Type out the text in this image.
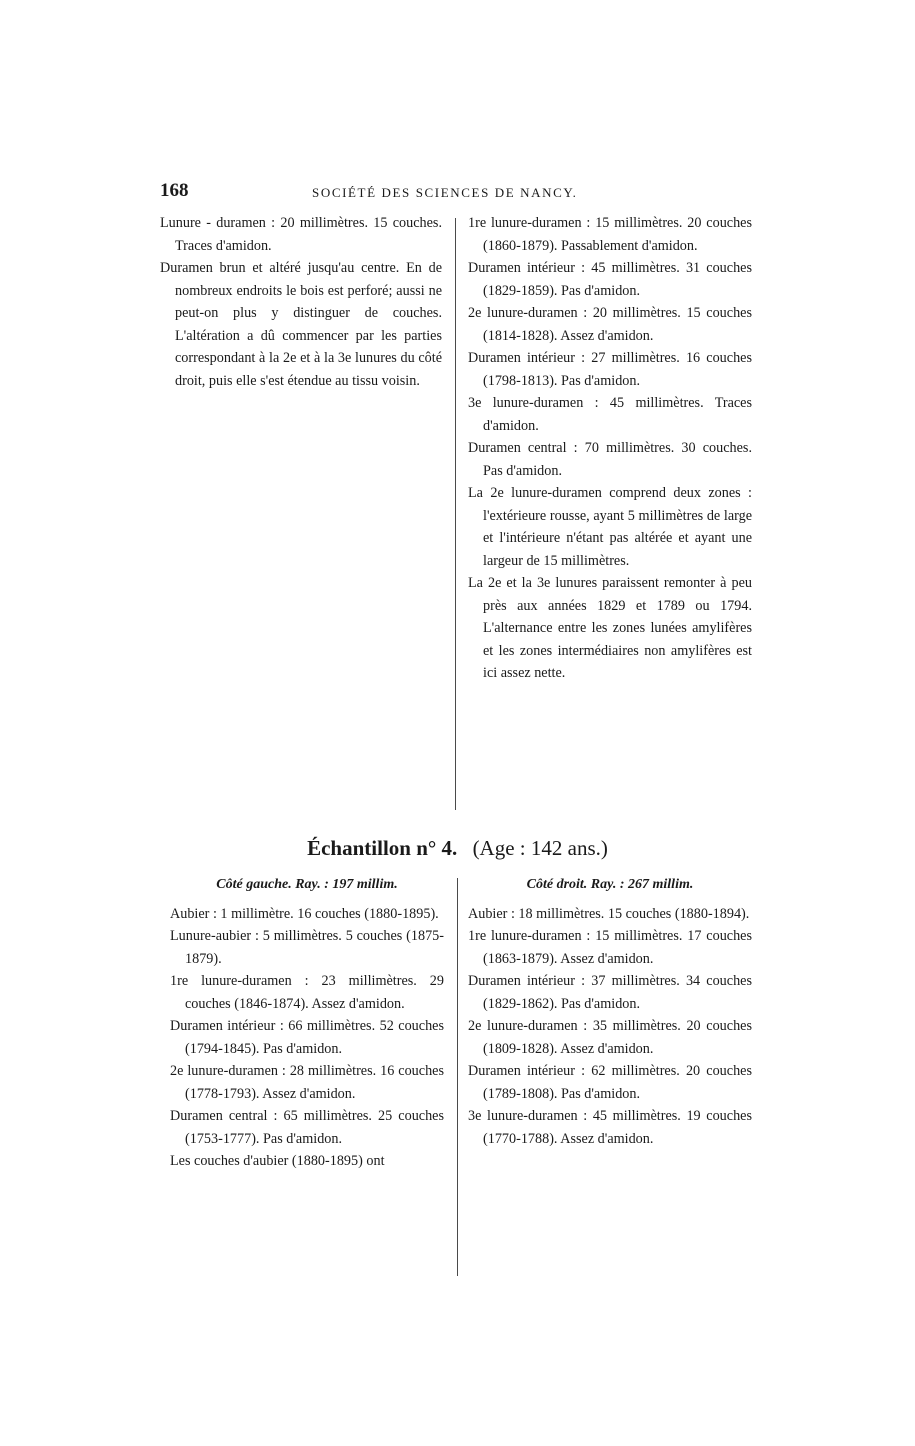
168	SOCIÉTÉ DES SCIENCES DE NANCY.

Lunure - duramen : 20 millimètres. 15 couches. Traces d'amidon.

Duramen brun et altéré jusqu'au centre. En de nombreux endroits le bois est perforé; aussi ne peut-on plus y distinguer de couches. L'altération a dû commencer par les parties correspondant à la 2e et à la 3e lunures du côté droit, puis elle s'est étendue au tissu voisin.

1re lunure-duramen : 15 millimètres. 20 couches (1860-1879). Passablement d'amidon.

Duramen intérieur : 45 millimètres. 31 couches (1829-1859). Pas d'amidon.

2e lunure-duramen : 20 millimètres. 15 couches (1814-1828). Assez d'amidon.

Duramen intérieur : 27 millimètres. 16 couches (1798-1813). Pas d'amidon.

3e lunure-duramen : 45 millimètres. Traces d'amidon.

Duramen central : 70 millimètres. 30 couches. Pas d'amidon.

La 2e lunure-duramen comprend deux zones : l'extérieure rousse, ayant 5 millimètres de large et l'intérieure n'étant pas altérée et ayant une largeur de 15 millimètres.

La 2e et la 3e lunures paraissent remonter à peu près aux années 1829 et 1789 ou 1794. L'alternance entre les zones lunées amylifères et les zones intermédiaires non amylifères est ici assez nette.

Échantillon n° 4. (Age : 142 ans.)
Côté gauche. Ray. : 197 millim.

Aubier : 1 millimètre. 16 couches (1880-1895).

Lunure-aubier : 5 millimètres. 5 couches (1875-1879).

1re lunure-duramen : 23 millimètres. 29 couches (1846-1874). Assez d'amidon.

Duramen intérieur : 66 millimètres. 52 couches (1794-1845). Pas d'amidon.

2e lunure-duramen : 28 millimètres. 16 couches (1778-1793). Assez d'amidon.

Duramen central : 65 millimètres. 25 couches (1753-1777). Pas d'amidon.

Les couches d'aubier (1880-1895) ont

Côté droit. Ray. : 267 millim.

Aubier : 18 millimètres. 15 couches (1880-1894).

1re lunure-duramen : 15 millimètres. 17 couches (1863-1879). Assez d'amidon.

Duramen intérieur : 37 millimètres. 34 couches (1829-1862). Pas d'amidon.

2e lunure-duramen : 35 millimètres. 20 couches (1809-1828). Assez d'amidon.

Duramen intérieur : 62 millimètres. 20 couches (1789-1808). Pas d'amidon.

3e lunure-duramen : 45 millimètres. 19 couches (1770-1788). Assez d'amidon.
